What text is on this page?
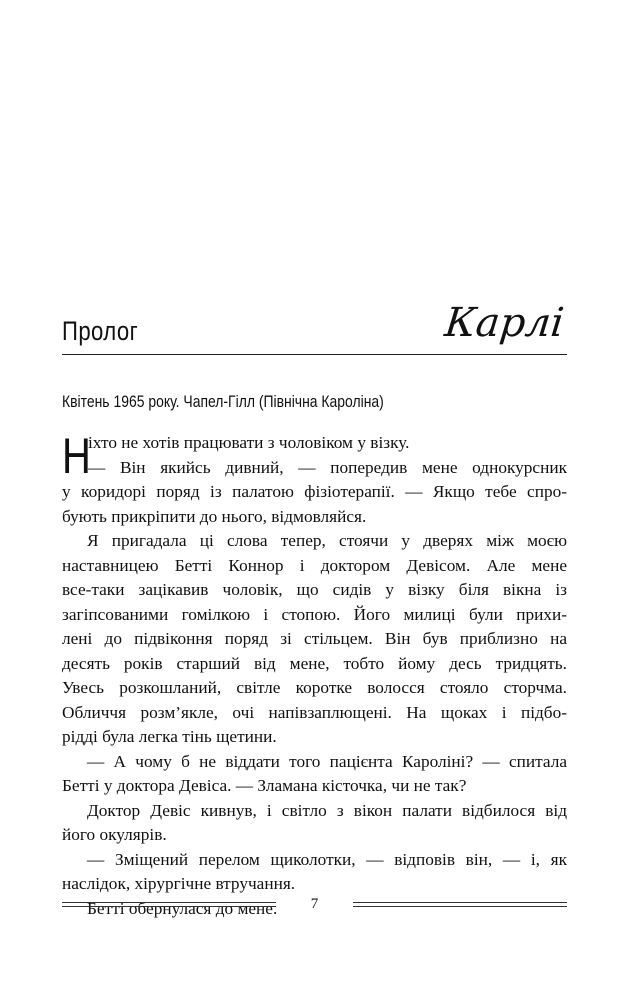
Пролог	Карлі
Квітень 1965 року. Чапел-Гілл (Північна Кароліна)

Н
іхто не хотів працювати з чоловіком у візку.
— Він якийсь дивний, — попередив мене однокурсник
у коридорі поряд із палатою фізіотерапії. — Якщо тебе спро-
бують прикріпити до нього, відмовляйся.

Я пригадала ці слова тепер, стоячи у дверях між моєю
наставницею Бетті Коннор і доктором Девісом. Але мене
все-таки зацікавив чоловік, що сидів у візку біля вікна із
загіпсованими гомілкою і стопою. Його милиці були прихи-
лені до підвіконня поряд зі стільцем. Він був приблизно на
десять років старший від мене, тобто йому десь тридцять.
Увесь розкошланий, світле коротке волосся стояло сторчма.
Обличчя розм’якле, очі напівзаплющені. На щоках і підбо-
рідді була легка тінь щетини.

— А чому б не віддати того пацієнта Кароліні? — спитала
Бетті у доктора Девіса. — Зламана кісточка, чи не так?

Доктор Девіс кивнув, і світло з вікон палати відбилося від
його окулярів.

— Зміщений перелом щиколотки, — відповів він, — і, як
наслідок, хірургічне втручання.

Бетті обернулася до мене.	7
